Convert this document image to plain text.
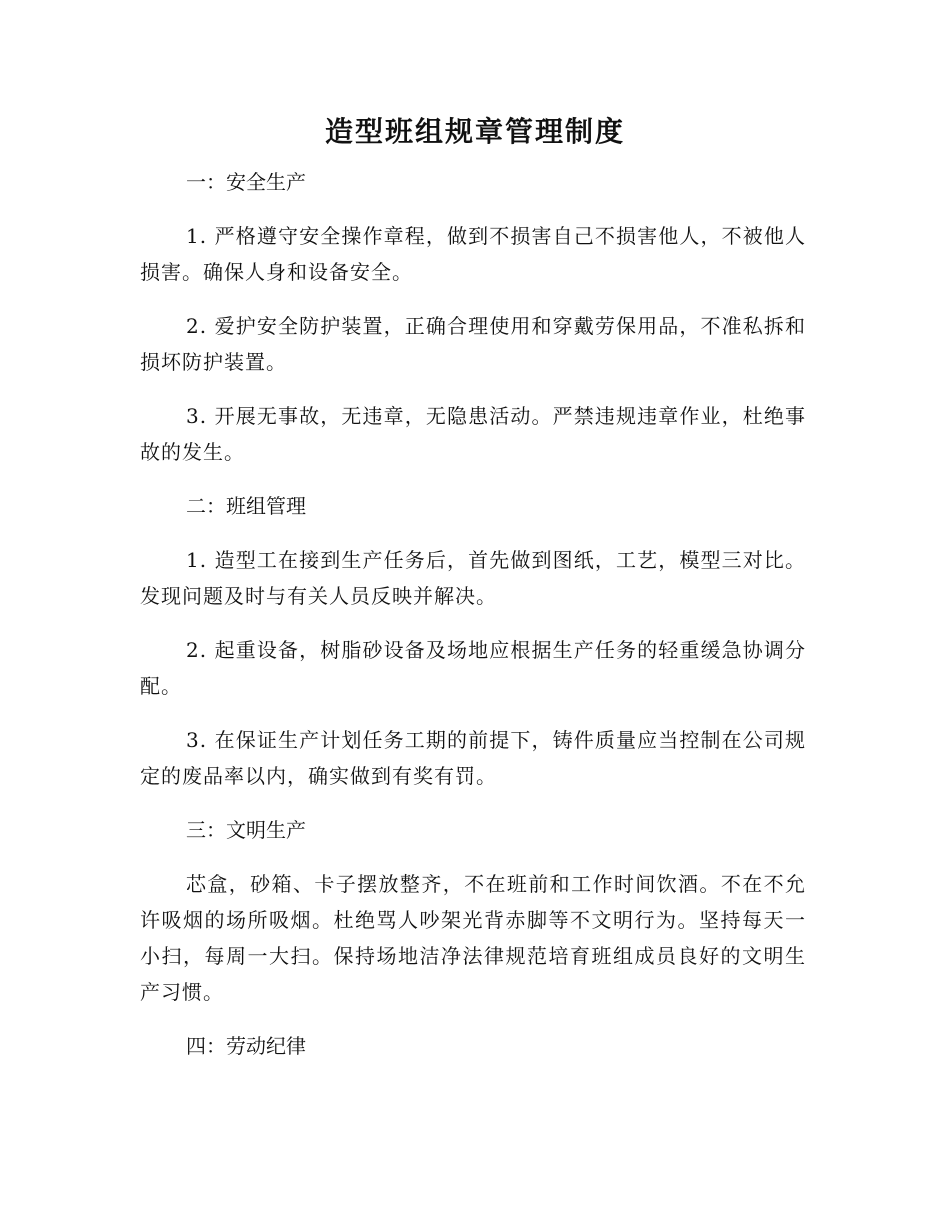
造型班组规章管理制度

一：安全生产

1. 严格遵守安全操作章程，做到不损害自己不损害他人，不被他人损害。确保人身和设备安全。

2. 爱护安全防护装置，正确合理使用和穿戴劳保用品，不准私拆和损坏防护装置。

3. 开展无事故，无违章，无隐患活动。严禁违规违章作业，杜绝事故的发生。

二：班组管理

1. 造型工在接到生产任务后，首先做到图纸，工艺，模型三对比。发现问题及时与有关人员反映并解决。

2. 起重设备，树脂砂设备及场地应根据生产任务的轻重缓急协调分配。

3. 在保证生产计划任务工期的前提下，铸件质量应当控制在公司规定的废品率以内，确实做到有奖有罚。

三：文明生产

芯盒，砂箱、卡子摆放整齐，不在班前和工作时间饮酒。不在不允许吸烟的场所吸烟。杜绝骂人吵架光背赤脚等不文明行为。坚持每天一小扫，每周一大扫。保持场地洁净法律规范培育班组成员良好的文明生产习惯。

四：劳动纪律
